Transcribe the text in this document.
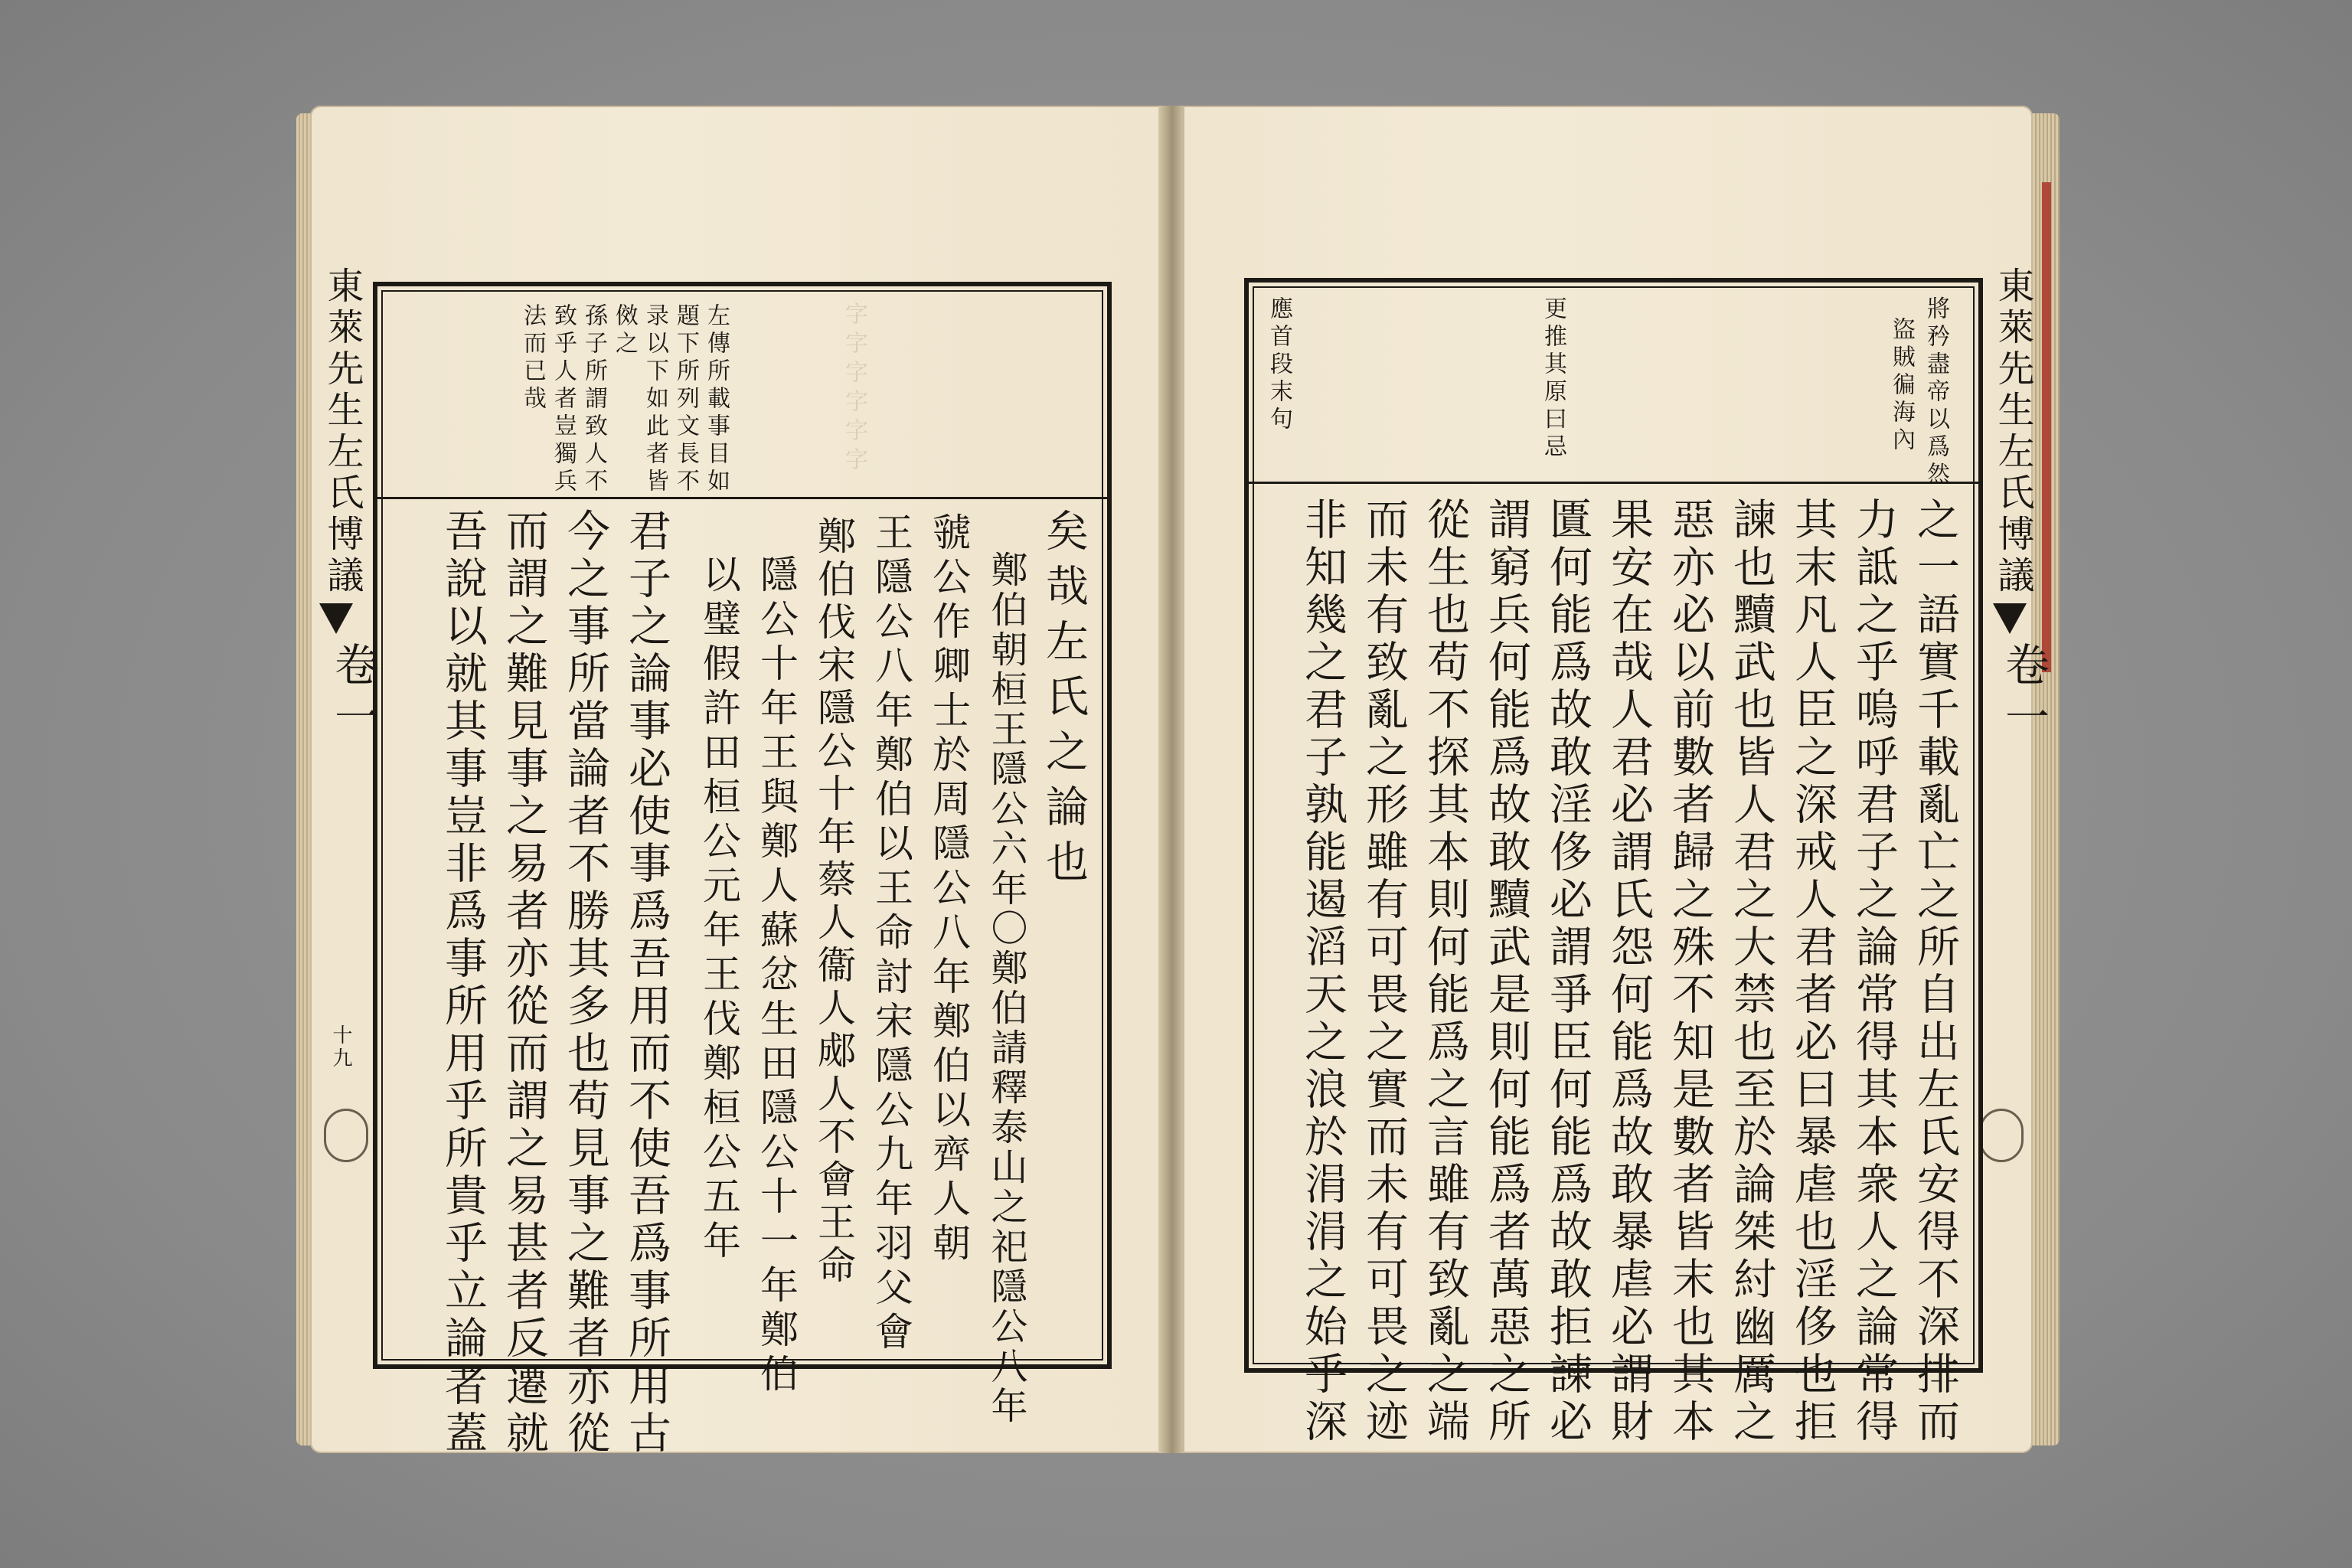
東萊先生左氏博議
卷一
十九
字字字字字字
左傳所載事目如
題下所列文長不
录以下如此者皆
傚之
孫子所謂致人不
致乎人者豈獨兵
法而已哉
矣哉左氏之論也
鄭伯朝桓王隱公六年〇鄭伯請釋泰山之祀隱公八年
虢公作卿士於周隱公八年鄭伯以齊人朝
王隱公八年鄭伯以王命討宋隱公九年羽父會
鄭伯伐宋隱公十年蔡人衞人郕人不會王命
隱公十年王與鄭人蘇忿生田隱公十一年鄭伯
以璧假許田桓公元年王伐鄭桓公五年
君子之論事必使事爲吾用而不使吾爲事所用古
今之事所當論者不勝其多也苟見事之難者亦從
而謂之難見事之易者亦從而謂之易甚者反遷就
吾說以就其事豈非爲事所用乎所貴乎立論者蓋
東萊先生左氏博議
卷一
將矜盡帝以爲然
盜賊徧海內
更推其原曰忌
應首段末句
之一語實千載亂亡之所自出左氏安得不深排而
力詆之乎嗚呼君子之論常得其本衆人之論常得
其末凡人臣之深戒人君者必曰暴虐也淫侈也拒
諫也黷武也皆人君之大禁也至於論桀紂幽厲之
惡亦必以前數者歸之殊不知是數者皆末也其本
果安在哉人君必謂氏怨何能爲故敢暴虐必謂財
匱何能爲故敢淫侈必謂爭臣何能爲故敢拒諫必
謂窮兵何能爲故敢黷武是則何能爲者萬惡之所
從生也苟不探其本則何能爲之言雖有致亂之端
而未有致亂之形雖有可畏之實而未有可畏之迹
非知幾之君子孰能遏滔天之浪於涓涓之始乎深
